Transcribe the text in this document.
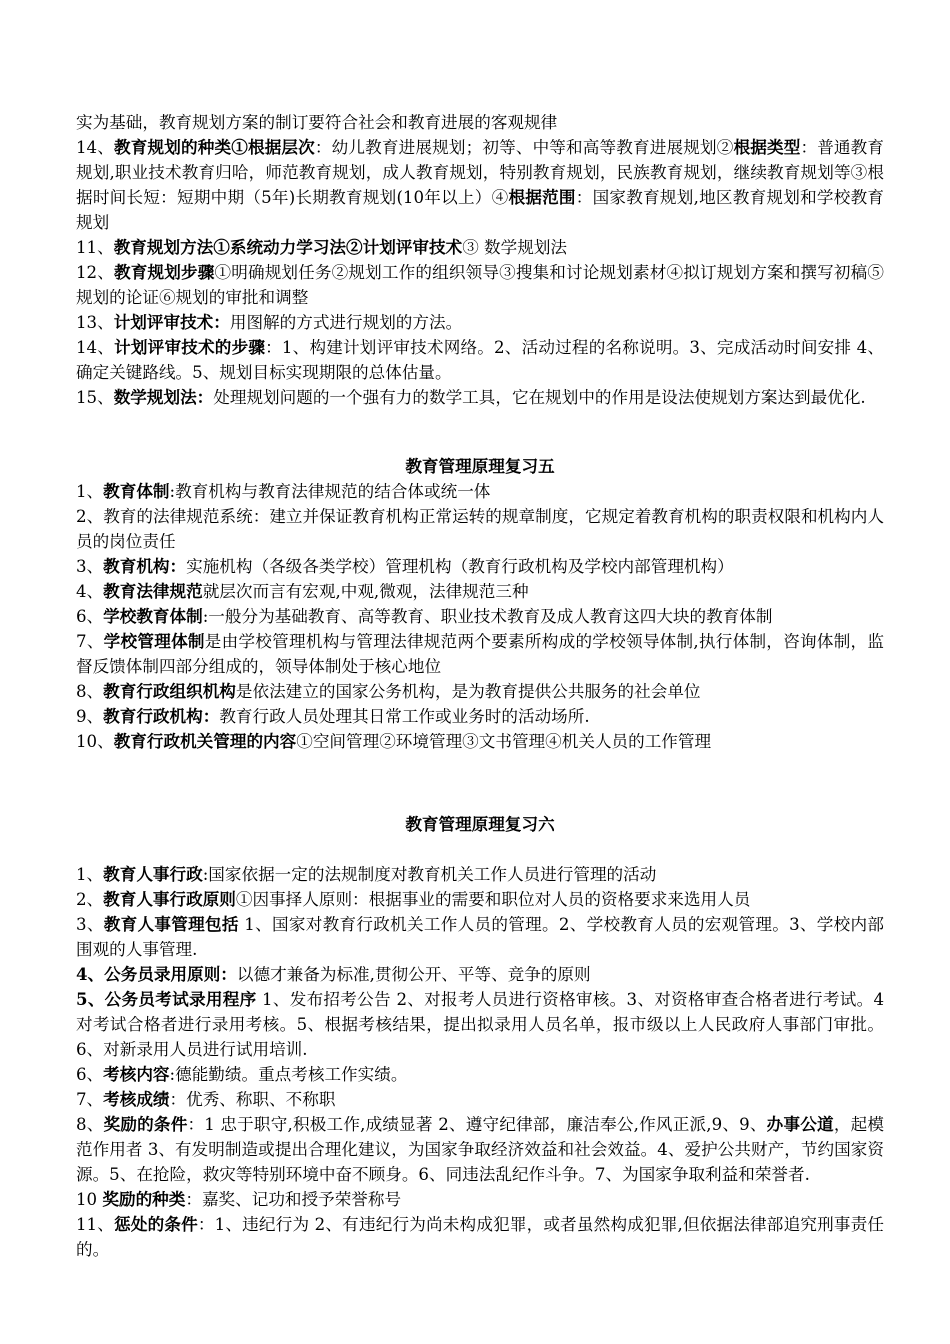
实为基础，教育规划方案的制订要符合社会和教育进展的客观规律

14、教育规划的种类①根据层次：幼儿教育进展规划；初等、中等和高等教育进展规划②根据类型：普通教育规划,职业技术教育归哈，师范教育规划，成人教育规划，特别教育规划，民族教育规划，继续教育规划等③根据时间长短：短期中期（5年)长期教育规划(10年以上）④根据范围：国家教育规划,地区教育规划和学校教育规划

11、教育规划方法①系统动力学习法②计划评审技术③ 数学规划法

12、教育规划步骤①明确规划任务②规划工作的组织领导③搜集和讨论规划素材④拟订规划方案和撰写初稿⑤规划的论证⑥规划的审批和调整

13、计划评审技术：用图解的方式进行规划的方法。

14、计划评审技术的步骤：1、构建计划评审技术网络。2、活动过程的名称说明。3、完成活动时间安排 4、确定关键路线。5、规划目标实现期限的总体估量。

15、数学规划法：处理规划问题的一个强有力的数学工具，它在规划中的作用是设法使规划方案达到最优化.

教育管理原理复习五

1、教育体制:教育机构与教育法律规范的结合体或统一体

2、教育的法律规范系统：建立并保证教育机构正常运转的规章制度，它规定着教育机构的职责权限和机构内人员的岗位责任

3、教育机构：实施机构（各级各类学校）管理机构（教育行政机构及学校内部管理机构）

4、教育法律规范就层次而言有宏观,中观,微观，法律规范三种

6、学校教育体制:一般分为基础教育、高等教育、职业技术教育及成人教育这四大块的教育体制

7、学校管理体制是由学校管理机构与管理法律规范两个要素所构成的学校领导体制,执行体制，咨询体制，监督反馈体制四部分组成的，领导体制处于核心地位

8、教育行政组织机构是依法建立的国家公务机构，是为教育提供公共服务的社会单位

9、教育行政机构：教育行政人员处理其日常工作或业务时的活动场所.

10、教育行政机关管理的内容①空间管理②环境管理③文书管理④机关人员的工作管理

教育管理原理复习六

1、教育人事行政:国家依据一定的法规制度对教育机关工作人员进行管理的活动

2、教育人事行政原则①因事择人原则：根据事业的需要和职位对人员的资格要求来选用人员

3、教育人事管理包括 1、国家对教育行政机关工作人员的管理。2、学校教育人员的宏观管理。3、学校内部围观的人事管理.

4、公务员录用原则：以德才兼备为标准,贯彻公开、平等、竞争的原则

5、公务员考试录用程序 1、发布招考公告 2、对报考人员进行资格审核。3、对资格审查合格者进行考试。4 对考试合格者进行录用考核。5、根据考核结果，提出拟录用人员名单，报市级以上人民政府人事部门审批。6、对新录用人员进行试用培训.

6、考核内容:德能勤绩。重点考核工作实绩。

7、考核成绩：优秀、称职、不称职

8、奖励的条件：1 忠于职守,积极工作,成绩显著 2、遵守纪律部，廉洁奉公,作风正派,9、9、办事公道，起模范作用者 3、有发明制造或提出合理化建议，为国家争取经济效益和社会效益。4、爱护公共财产，节约国家资源。5、在抢险，救灾等特别环境中奋不顾身。6、同违法乱纪作斗争。7、为国家争取利益和荣誉者.

10 奖励的种类：嘉奖、记功和授予荣誉称号

11、惩处的条件：1、违纪行为 2、有违纪行为尚未构成犯罪，或者虽然构成犯罪,但依据法律部追究刑事责任的。
